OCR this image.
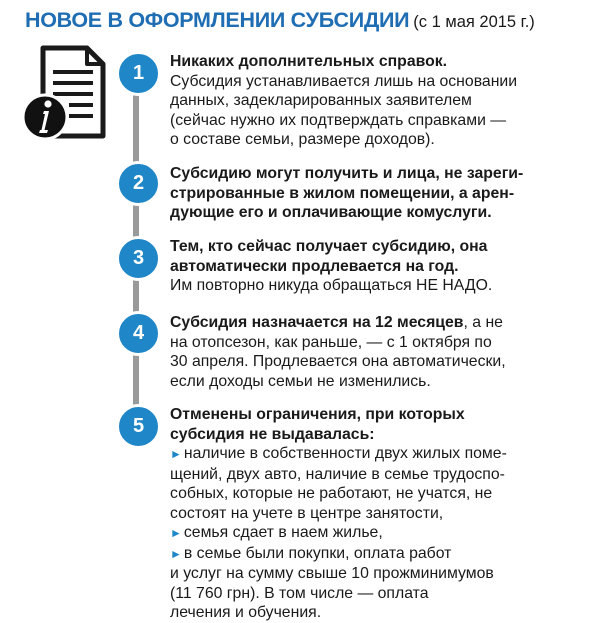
НОВОЕ В ОФОРМЛЕНИИ СУБСИДИИ (с 1 мая 2015 г.)
1
Никаких дополнительных справок.
Субсидия устанавливается лишь на основании
данных, задекларированных заявителем
(сейчас нужно их подтверждать справками —
о составе семьи, размере доходов).
2	Субсидию могут получить и лица, не зареги-
стрированные в жилом помещении, а арен-
дующие его и оплачивающие комуслуги.
3
Тем, кто сейчас получает субсидию, она
автоматически продлевается на год.
Им повторно никуда обращаться НЕ НАДО.
4	Субсидия назначается на 12 месяцев, а не
на отопсезон, как раньше, — с 1 октября по
30 апреля. Продлевается она автоматически,
если доходы семьи не изменились.
5
Отменены ограничения, при которых
субсидия не выдавалась:
► наличие в собственности двух жилых поме-
щений, двух авто, наличие в семье трудоспо-
собных, которые не работают, не учатся, не
состоят на учете в центре занятости,
► семья сдает в наем жилье,
► в семье были покупки, оплата работ
и услуг на сумму свыше 10 прожминимумов
(11 760 грн). В том числе — оплата
лечения и обучения.
